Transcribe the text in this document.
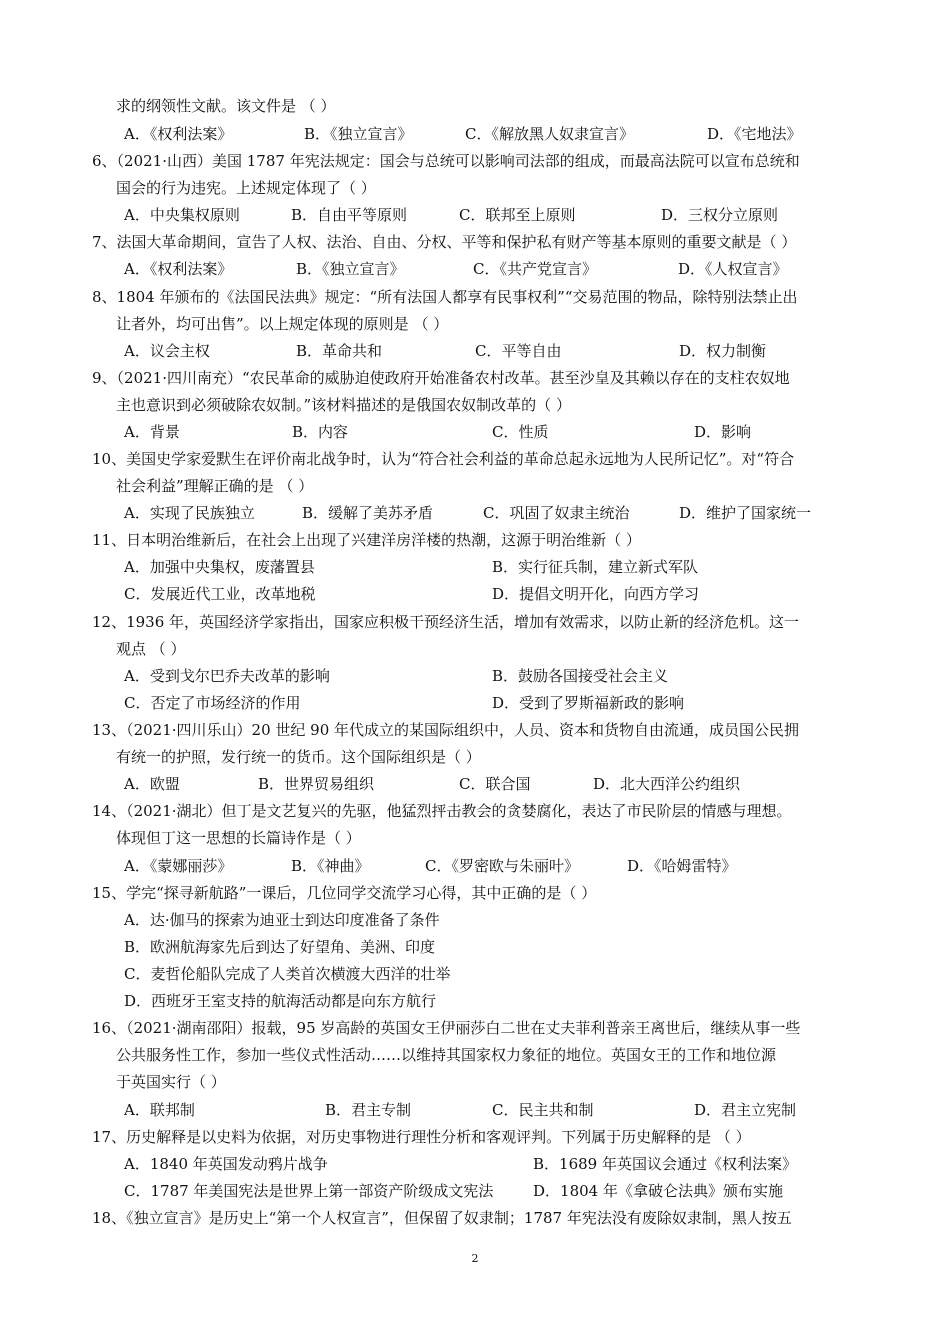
求的纲领性文献。该文件是 （ ）
A．《权利法案》	B．《独立宣言》	C．《解放黑人奴隶宣言》	D．《宅地法》
6、（2021·山西）美国 1787 年宪法规定：国会与总统可以影响司法部的组成，而最高法院可以宣布总统和
国会的行为违宪。上述规定体现了（ ）
A．中央集权原则	B．自由平等原则	C．联邦至上原则	D．三权分立原则
7、法国大革命期间，宣告了人权、法治、自由、分权、平等和保护私有财产等基本原则的重要文献是（ ）
A．《权利法案》	B．《独立宣言》	C．《共产党宣言》	D．《人权宣言》
8、1804 年颁布的《法国民法典》规定：“所有法国人都享有民事权利”“交易范围的物品，除特别法禁止出
让者外，均可出售”。以上规定体现的原则是 （ ）
A．议会主权	B．革命共和	C．平等自由	D．权力制衡
9、（2021·四川南充）“农民革命的威胁迫使政府开始准备农村改革。甚至沙皇及其赖以存在的支柱农奴地
主也意识到必须破除农奴制。”该材料描述的是俄国农奴制改革的（ ）
A．背景	B．内容	C．性质	D．影响
10、美国史学家爱默生在评价南北战争时，认为“符合社会利益的革命总起永远地为人民所记忆”。对“符合
社会利益”理解正确的是 （ ）
A．实现了民族独立	B．缓解了美苏矛盾	C．巩固了奴隶主统治	D．维护了国家统一
11、日本明治维新后，在社会上出现了兴建洋房洋楼的热潮，这源于明治维新（ ）
A．加强中央集权，废藩置县	B．实行征兵制，建立新式军队
C．发展近代工业，改革地税	D．提倡文明开化，向西方学习
12、1936 年，英国经济学家指出，国家应积极干预经济生活，增加有效需求，以防止新的经济危机。这一
观点 （ ）
A．受到戈尔巴乔夫改革的影响	B．鼓励各国接受社会主义
C．否定了市场经济的作用	D．受到了罗斯福新政的影响
13、（2021·四川乐山）20 世纪 90 年代成立的某国际组织中，人员、资本和货物自由流通，成员国公民拥
有统一的护照，发行统一的货币。这个国际组织是（ ）
A．欧盟	B．世界贸易组织	C．联合国	D．北大西洋公约组织
14、（2021·湖北）但丁是文艺复兴的先驱，他猛烈抨击教会的贪婪腐化，表达了市民阶层的情感与理想。
体现但丁这一思想的长篇诗作是（ ）
A．《蒙娜丽莎》	B．《神曲》	C．《罗密欧与朱丽叶》	D．《哈姆雷特》
15、学完“探寻新航路”一课后，几位同学交流学习心得，其中正确的是（ ）
A．达·伽马的探索为迪亚士到达印度准备了条件
B．欧洲航海家先后到达了好望角、美洲、印度
C．麦哲伦船队完成了人类首次横渡大西洋的壮举
D．西班牙王室支持的航海活动都是向东方航行
16、（2021·湖南邵阳）报载，95 岁高龄的英国女王伊丽莎白二世在丈夫菲利普亲王离世后，继续从事一些
公共服务性工作，参加一些仪式性活动……以维持其国家权力象征的地位。英国女王的工作和地位源
于英国实行（ ）
A．联邦制	B．君主专制	C．民主共和制	D．君主立宪制
17、历史解释是以史料为依据，对历史事物进行理性分析和客观评判。下列属于历史解释的是 （ ）
A．1840 年英国发动鸦片战争	B．1689 年英国议会通过《权利法案》
C．1787 年美国宪法是世界上第一部资产阶级成文宪法	D．1804 年《拿破仑法典》颁布实施
18、《独立宣言》是历史上“第一个人权宣言”，但保留了奴隶制；1787 年宪法没有废除奴隶制，黑人按五
2
